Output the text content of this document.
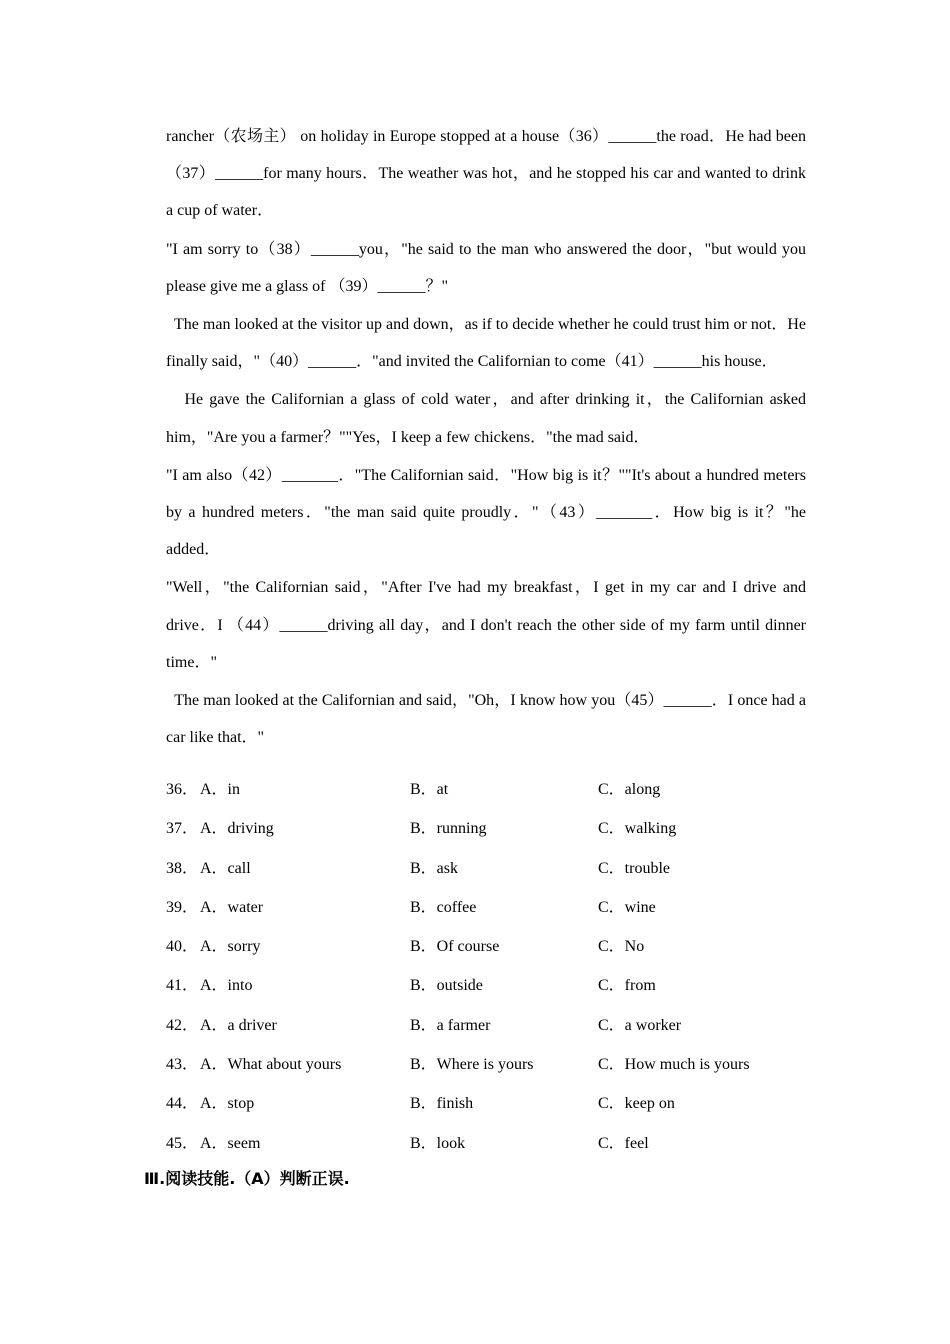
rancher（农场主） on holiday in Europe stopped at a house（36）______the road．He had been（37）______for many hours．The weather was hot，and he stopped his car and wanted to drink a cup of water．

"I am sorry to（38）______you，"he said to the man who answered the door，"but would you please give me a glass of （39）______？"

The man looked at the visitor up and down，as if to decide whether he could trust him or not．He finally said，"（40）______．"and invited the Californian to come（41）______his house．

He gave the Californian a glass of cold water，and after drinking it，the Californian asked him，"Are you a farmer？""Yes，I keep a few chickens．"the mad said．

"I am also（42）_______．"The Californian said．"How big is it？""It's about a hundred meters by a hundred meters．"the man said quite proudly．"（43）_______．How big is it？"he added．

"Well，"the Californian said，"After I've had my breakfast，I get in my car and I drive and drive．I （44）______driving all day，and I don't reach the other side of my farm until dinner time．"

The man looked at the Californian and said，"Oh，I know how you（45）______．I once had a car like that．"

36． A．in	B．at	C．along
37． A．driving	B．running	C．walking
38． A．call	B．ask	C．trouble
39． A．water	B．coffee	C．wine
40． A．sorry	B．Of course	C．No
41． A．into	B．outside	C．from
42． A．a driver	B．a farmer	C．a worker
43． A．What about yours	B．Where is yours	C．How much is yours
44． A．stop	B．finish	C．keep on
45． A．seem	B．look	C．feel
Ⅲ.阅读技能.（A）判断正误.
